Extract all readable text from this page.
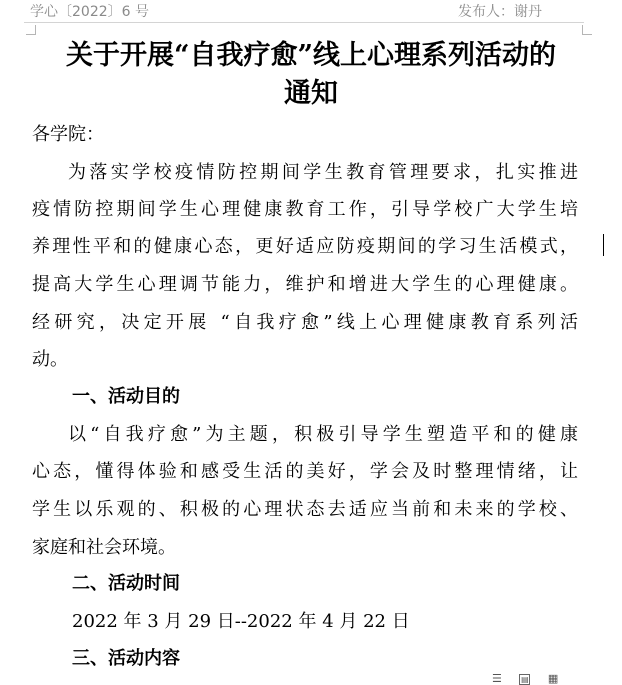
学心〔2022〕6 号	发布人：谢丹
关于开展“自我疗愈”线上心理系列活动的
通知
各学院：
为落实学校疫情防控期间学生教育管理要求，扎实推进
疫情防控期间学生心理健康教育工作，引导学校广大学生培
养理性平和的健康心态，更好适应防疫期间的学习生活模式，
提高大学生心理调节能力，维护和增进大学生的心理健康。
经研究，决定开展 “自我疗愈”线上心理健康教育系列活
动。
一、活动目的
以“自我疗愈”为主题，积极引导学生塑造平和的健康
心态，懂得体验和感受生活的美好，学会及时整理情绪，让
学生以乐观的、积极的心理状态去适应当前和未来的学校、
家庭和社会环境。
二、活动时间
2022 年 3 月 29 日--2022 年 4 月 22 日
三、活动内容
☰ ▤ ▦
